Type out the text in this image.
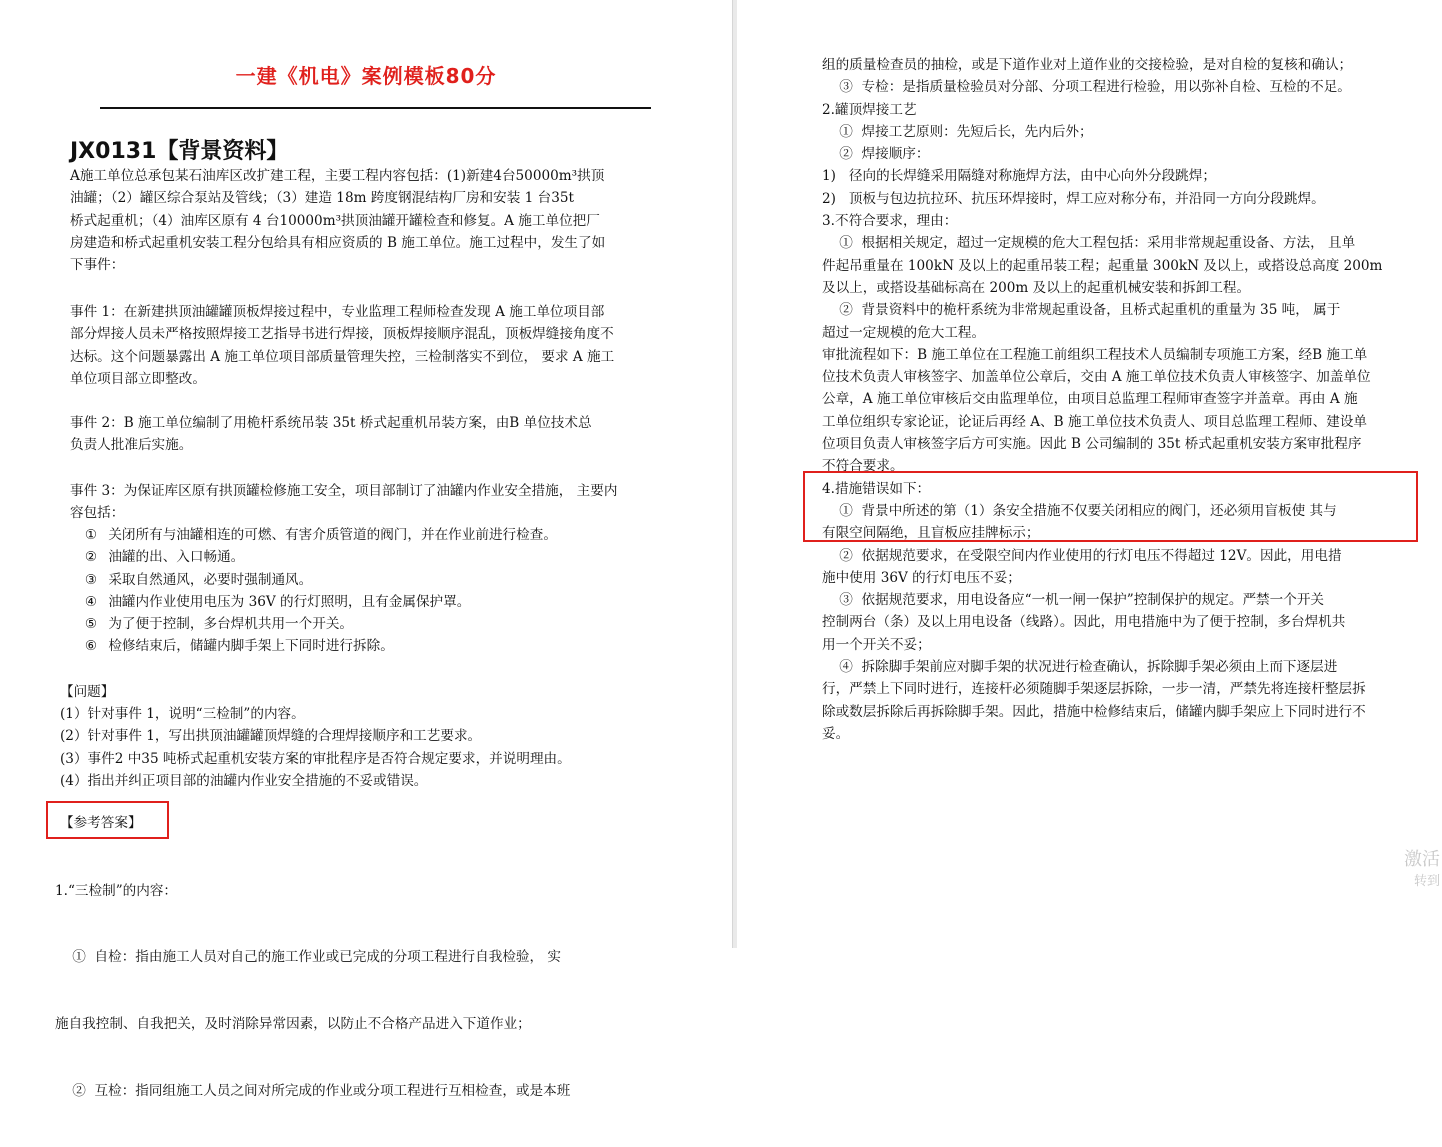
一建《机电》案例模板80分
JX0131【背景资料】
A施工单位总承包某石油库区改扩建工程，主要工程内容包括：(1)新建4台50000m³拱顶
油罐；（2）罐区综合泵站及管线；（3）建造 18m 跨度钢混结构厂房和安装 1 台35t
桥式起重机；（4）油库区原有 4 台10000m³拱顶油罐开罐检查和修复。A 施工单位把厂
房建造和桥式起重机安装工程分包给具有相应资质的 B 施工单位。施工过程中，发生了如
下事件：
事件 1：在新建拱顶油罐罐顶板焊接过程中，专业监理工程师检查发现 A 施工单位项目部
部分焊接人员未严格按照焊接工艺指导书进行焊接，顶板焊接顺序混乱，顶板焊缝接角度不
达标。这个问题暴露出 A 施工单位项目部质量管理失控，三检制落实不到位， 要求 A 施工
单位项目部立即整改。
事件 2：B 施工单位编制了用桅杆系统吊装 35t 桥式起重机吊装方案，由B 单位技术总
负责人批准后实施。
事件 3：为保证库区原有拱顶罐检修施工安全，项目部制订了油罐内作业安全措施， 主要内
容包括：
① 关闭所有与油罐相连的可燃、有害介质管道的阀门，并在作业前进行检查。
② 油罐的出、入口畅通。
③ 采取自然通风，必要时强制通风。
④ 油罐内作业使用电压为 36V 的行灯照明，且有金属保护罩。
⑤ 为了便于控制，多台焊机共用一个开关。
⑥ 检修结束后，储罐内脚手架上下同时进行拆除。
【问题】
(1）针对事件 1，说明“三检制”的内容。
(2）针对事件 1，写出拱顶油罐罐顶焊缝的合理焊接顺序和工艺要求。
(3）事件2 中35 吨桥式起重机安装方案的审批程序是否符合规定要求，并说明理由。
(4）指出并纠正项目部的油罐内作业安全措施的不妥或错误。
【参考答案】

1.“三检制”的内容：

①  自检：指由施工人员对自己的施工作业或已完成的分项工程进行自我检验， 实

施自我控制、自我把关，及时消除异常因素，以防止不合格产品进入下道作业；

②  互检：指同组施工人员之间对所完成的作业或分项工程进行互相检查，或是本班

组的质量检查员的抽检，或是下道作业对上道作业的交接检验，是对自检的复核和确认；
③  专检：是指质量检验员对分部、分项工程进行检验，用以弥补自检、互检的不足。
2.罐顶焊接工艺
①  焊接工艺原则：先短后长，先内后外；
②  焊接顺序：
1)   径向的长焊缝采用隔缝对称施焊方法，由中心向外分段跳焊；
2)   顶板与包边抗拉环、抗压环焊接时，焊工应对称分布，并沿同一方向分段跳焊。
3.不符合要求，理由：
①  根据相关规定，超过一定规模的危大工程包括：采用非常规起重设备、方法， 且单
件起吊重量在 100kN 及以上的起重吊装工程；起重量 300kN 及以上，或搭设总高度 200m
及以上，或搭设基础标高在 200m 及以上的起重机械安装和拆卸工程。
②  背景资料中的桅杆系统为非常规起重设备，且桥式起重机的重量为 35 吨， 属于
超过一定规模的危大工程。
审批流程如下：B 施工单位在工程施工前组织工程技术人员编制专项施工方案，经B 施工单
位技术负责人审核签字、加盖单位公章后，交由 A 施工单位技术负责人审核签字、加盖单位
公章，A 施工单位审核后交由监理单位，由项目总监理工程师审查签字并盖章。再由 A 施
工单位组织专家论证，论证后再经 A、B 施工单位技术负责人、项目总监理工程师、建设单
位项目负责人审核签字后方可实施。因此 B 公司编制的 35t 桥式起重机安装方案审批程序
不符合要求。
4.措施错误如下：
①  背景中所述的第（1）条安全措施不仅要关闭相应的阀门，还必须用盲板使 其与
有限空间隔绝，且盲板应挂牌标示；
②  依据规范要求，在受限空间内作业使用的行灯电压不得超过 12V。因此，用电措
施中使用 36V 的行灯电压不妥；
③  依据规范要求，用电设备应“一机一闸一保护”控制保护的规定。严禁一个开关
控制两台（条）及以上用电设备（线路）。因此，用电措施中为了便于控制，多台焊机共
用一个开关不妥；
④  拆除脚手架前应对脚手架的状况进行检查确认，拆除脚手架必须由上而下逐层进
行，严禁上下同时进行，连接杆必须随脚手架逐层拆除，一步一清，严禁先将连接杆整层拆
除或数层拆除后再拆除脚手架。因此，措施中检修结束后，储罐内脚手架应上下同时进行不
妥。
激活
转到
